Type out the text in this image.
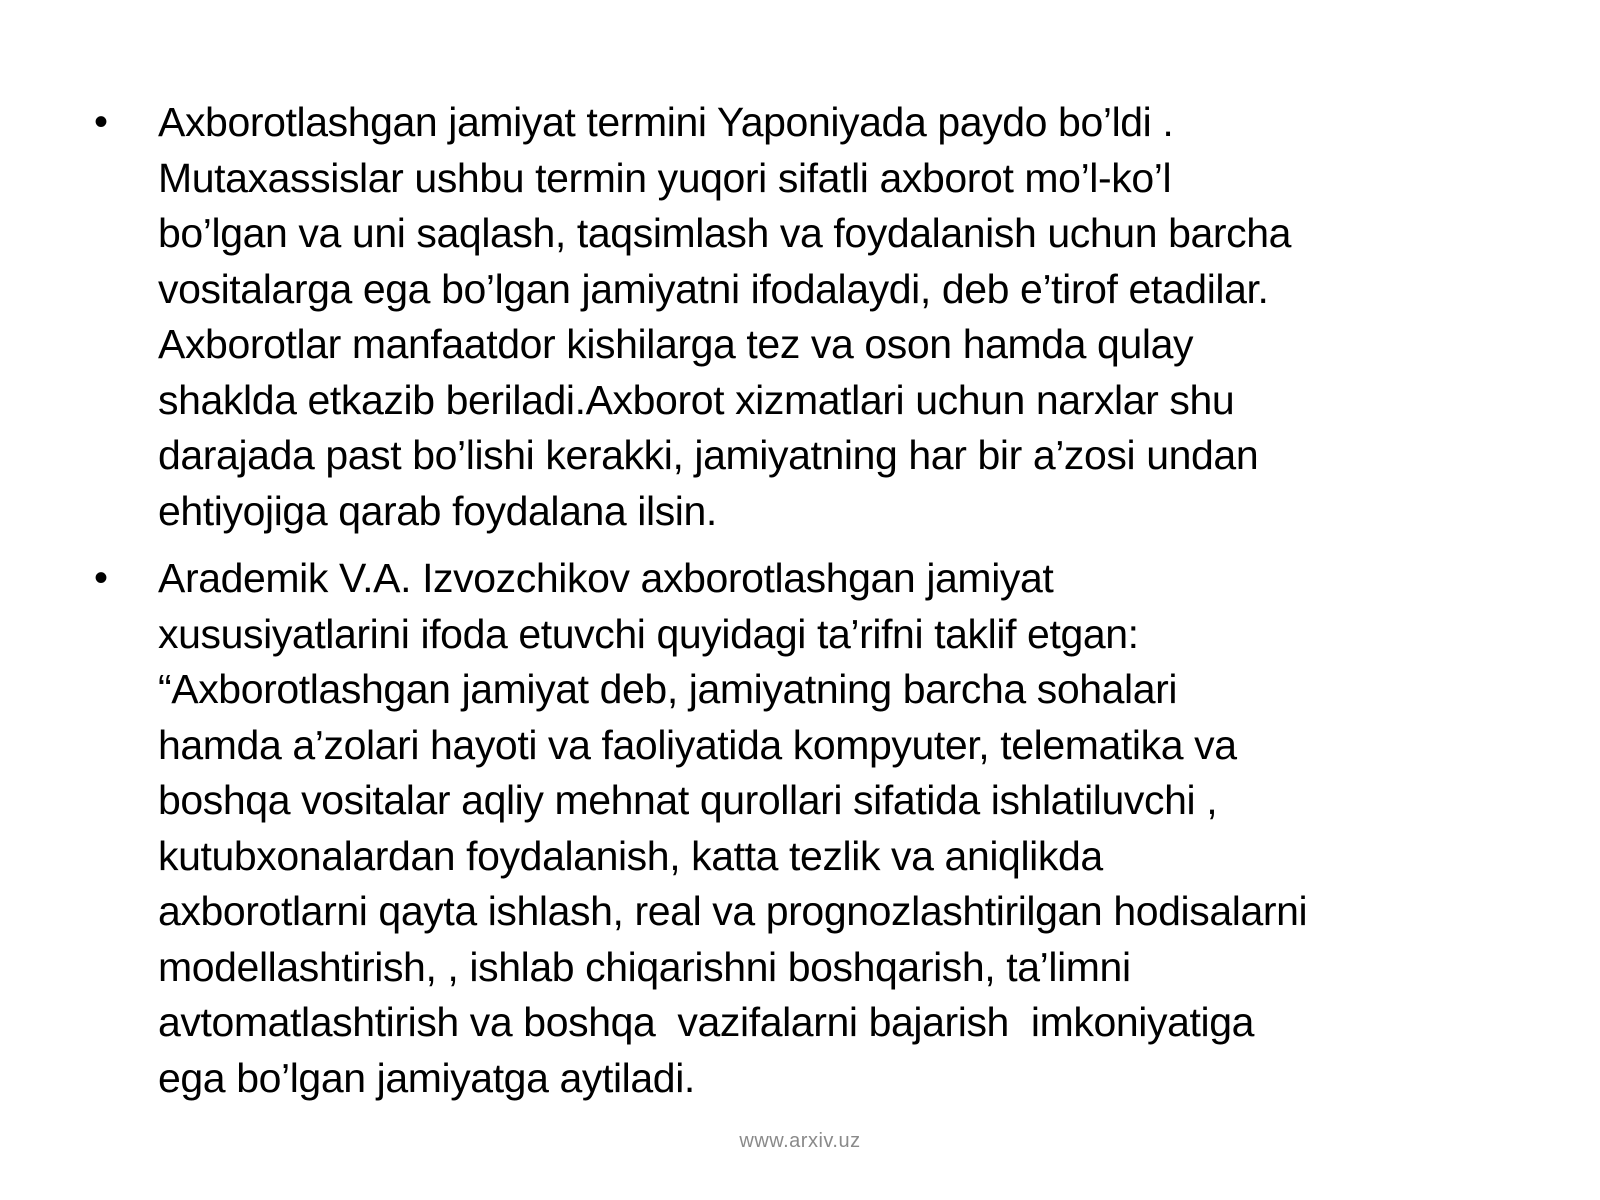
• Axborotlashgan jamiyat termini Yaponiyada paydo bo’ldi .
Mutaxassislar ushbu termin yuqori sifatli axborot mo’l-ko’l
bo’lgan va uni saqlash, taqsimlash va foydalanish uchun barcha
vositalarga ega bo’lgan jamiyatni ifodalaydi, deb e’tirof etadilar.
Axborotlar manfaatdor kishilarga tez va oson hamda qulay
shaklda etkazib beriladi.Axborot xizmatlari uchun narxlar shu
darajada past bo’lishi kerakki, jamiyatning har bir a’zosi undan
ehtiyojiga qarab foydalana ilsin.
• Arademik V.A. Izvozchikov axborotlashgan jamiyat
xususiyatlarini ifoda etuvchi quyidagi ta’rifni taklif etgan:
“Axborotlashgan jamiyat deb, jamiyatning barcha sohalari
hamda a’zolari hayoti va faoliyatida kompyuter, telematika va
boshqa vositalar aqliy mehnat qurollari sifatida ishlatiluvchi ,
kutubxonalardan foydalanish, katta tezlik va aniqlikda
axborotlarni qayta ishlash, real va prognozlashtirilgan hodisalarni
modellashtirish, , ishlab chiqarishni boshqarish, ta’limni
avtomatlashtirish va boshqa  vazifalarni bajarish  imkoniyatiga
ega bo’lgan jamiyatga aytiladi.
www.arxiv.uz
